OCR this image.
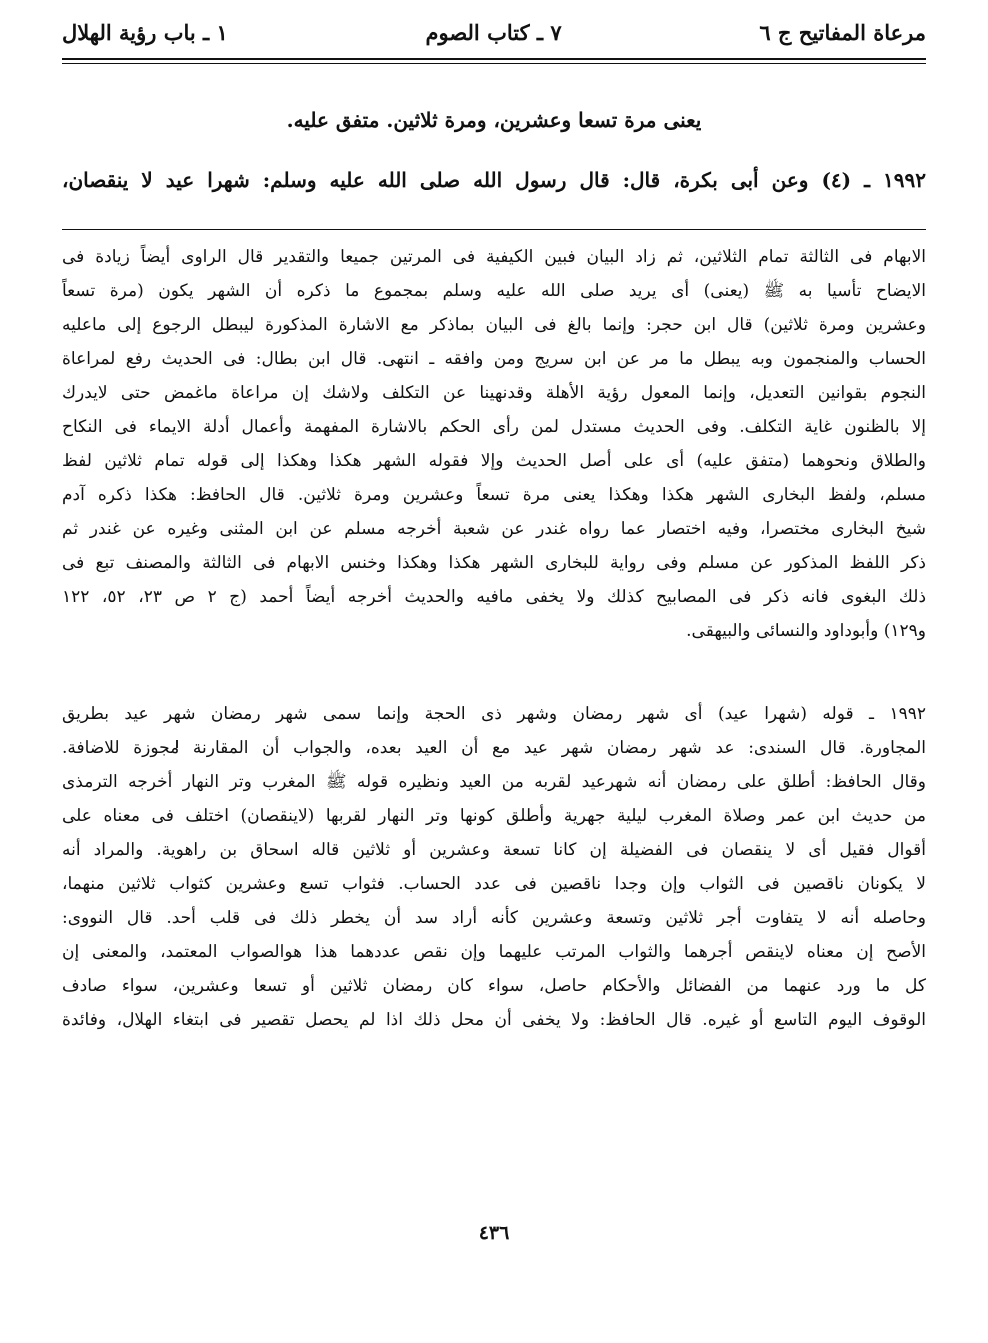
مرعاة المفاتيح ج ٦
٧ ـ كتاب الصوم
١ ـ باب رؤية الهلال
يعنى مرة تسعا وعشرين، ومرة ثلاثين. متفق عليه.
١٩٩٢ ـ (٤) وعن أبى بكرة، قال: قال رسول الله صلى الله عليه وسلم: شهرا عيد لا ينقصان،
الابهام فى الثالثة تمام الثلاثين، ثم زاد البيان فبين الكيفية فى المرتين جميعا والتقدير قال الراوى أيضاً زيادة فى
الايضاح تأسيا به ﷺ (يعنى) أى يريد صلى الله عليه وسلم بمجموع ما ذكره أن الشهر يكون (مرة تسعاً
وعشرين ومرة ثلاثين) قال ابن حجر: وإنما بالغ فى البيان بماذكر مع الاشارة المذكورة ليبطل الرجوع إلى ماعليه
الحساب والمنجمون وبه يبطل ما مر عن ابن سريج ومن وافقه ـ انتهى. قال ابن بطال: فى الحديث رفع لمراعاة
النجوم بقوانين التعديل، وإنما المعول رؤية الأهلة وقدنهينا عن التكلف ولاشك إن مراعاة ماغمض حتى لايدرك
إلا بالظنون غاية التكلف. وفى الحديث مستدل لمن رأى الحكم بالاشارة المفهمة وأعمال أدلة الايماء فى النكاح
والطلاق ونحوهما (متفق عليه) أى على أصل الحديث وإلا فقوله الشهر هكذا وهكذا إلى قوله تمام ثلاثين لفظ
مسلم، ولفظ البخارى الشهر هكذا وهكذا يعنى مرة تسعاً وعشرين ومرة ثلاثين. قال الحافظ: هكذا ذكره آدم
شيخ البخارى مختصرا، وفيه اختصار عما رواه غندر عن شعبة أخرجه مسلم عن ابن المثنى وغيره عن غندر ثم
ذكر اللفظ المذكور عن مسلم وفى رواية للبخارى الشهر هكذا وهكذا وخنس الابهام فى الثالثة والمصنف تبع فى
ذلك البغوى فانه ذكر فى المصابيح كذلك ولا يخفى مافيه والحديث أخرجه أيضاً أحمد (ج ٢ ص ٢٣، ٥٢، ١٢٢
و١٢٩) وأبوداود والنسائى والبيهقى.
١٩٩٢ ـ قوله (شهرا عيد) أى شهر رمضان وشهر ذى الحجة وإنما سمى شهر رمضان شهر عيد بطريق
المجاورة. قال السندى: عد شهر رمضان شهر عيد مع أن العيد بعده، والجواب أن المقارنة مجوزة للاضافة.
وقال الحافظ: أطلق على رمضان أنه شهرعيد لقربه من العيد ونظيره قوله ﷺ المغرب وتر النهار أخرجه الترمذى
من حديث ابن عمر وصلاة المغرب ليلية جهرية وأطلق كونها وتر النهار لقربها (لاينقصان) اختلف فى معناه على
أقوال فقيل أى لا ينقصان فى الفضيلة إن كانا تسعة وعشرين أو ثلاثين قاله اسحاق بن راهوية. والمراد أنه
لا يكونان ناقصين فى الثواب وإن وجدا ناقصين فى عدد الحساب. فثواب تسع وعشرين كثواب ثلاثين منهما،
وحاصله أنه لا يتفاوت أجر ثلاثين وتسعة وعشرين كأنه أراد سد أن يخطر ذلك فى قلب أحد. قال النووى:
الأصح إن معناه لاينقص أجرهما والثواب المرتب عليهما وإن نقص عددهما هذا هوالصواب المعتمد، والمعنى إن
كل ما ورد عنهما من الفضائل والأحكام حاصل، سواء كان رمضان ثلاثين أو تسعا وعشرين، سواء صادف
الوقوف اليوم التاسع أو غيره. قال الحافظ: ولا يخفى أن محل ذلك اذا لم يحصل تقصير فى ابتغاء الهلال، وفائدة
٤٣٦
